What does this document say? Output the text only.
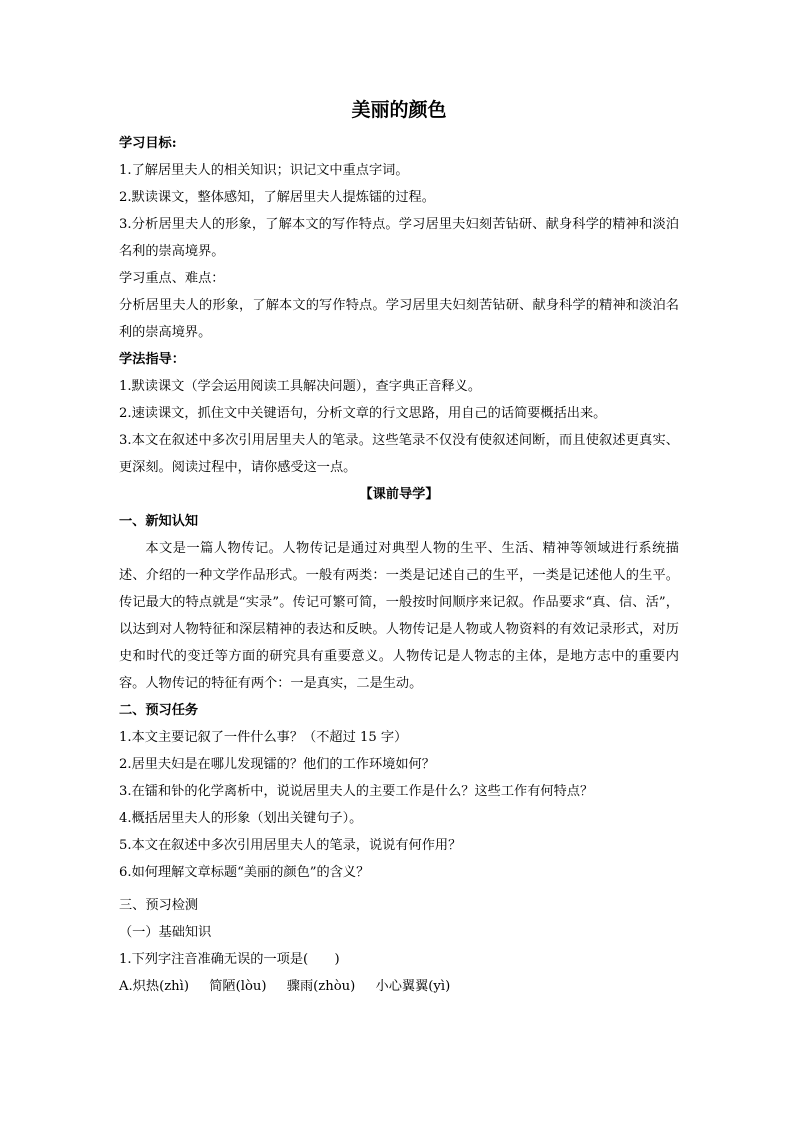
美丽的颜色
学习目标:
1.了解居里夫人的相关知识；识记文中重点字词。
2.默读课文，整体感知，了解居里夫人提炼镭的过程。
3.分析居里夫人的形象，了解本文的写作特点。学习居里夫妇刻苦钻研、献身科学的精神和淡泊名利的崇高境界。
学习重点、难点：
分析居里夫人的形象，了解本文的写作特点。学习居里夫妇刻苦钻研、献身科学的精神和淡泊名利的崇高境界。
学法指导：
1.默读课文（学会运用阅读工具解决问题），查字典正音释义。
2.速读课文，抓住文中关键语句，分析文章的行文思路，用自己的话简要概括出来。
3.本文在叙述中多次引用居里夫人的笔录。这些笔录不仅没有使叙述间断，而且使叙述更真实、更深刻。阅读过程中，请你感受这一点。
【课前导学】
一、新知认知
本文是一篇人物传记。人物传记是通过对典型人物的生平、生活、精神等领域进行系统描述、介绍的一种文学作品形式。一般有两类：一类是记述自己的生平，一类是记述他人的生平。传记最大的特点就是“实录”。传记可繁可简，一般按时间顺序来记叙。作品要求“真、信、活”，以达到对人物特征和深层精神的表达和反映。人物传记是人物或人物资料的有效记录形式，对历史和时代的变迁等方面的研究具有重要意义。人物传记是人物志的主体，是地方志中的重要内容。人物传记的特征有两个：一是真实，二是生动。
二、预习任务
1.本文主要记叙了一件什么事？（不超过 15 字）
2.居里夫妇是在哪儿发现镭的？他们的工作环境如何？
3.在镭和钋的化学离析中，说说居里夫人的主要工作是什么？这些工作有何特点？
4.概括居里夫人的形象（划出关键句子）。
5.本文在叙述中多次引用居里夫人的笔录，说说有何作用？
6.如何理解文章标题“美丽的颜色”的含义？
三、预习检测
（一）基础知识
1.下列字注音准确无误的一项是(　　)
A.炽热(zhì) 简陋(lòu) 骤雨(zhòu) 小心翼翼(yì)
